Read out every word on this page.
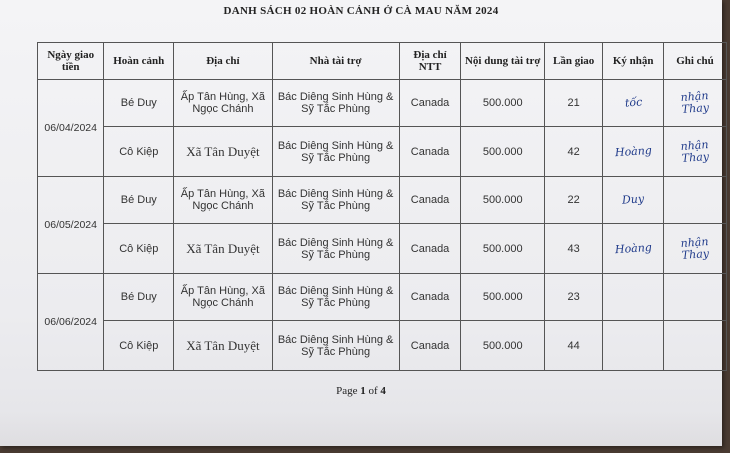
DANH SÁCH 02 HOÀN CẢNH Ở CÀ MAU NĂM 2024
Ngày giao tiền	Hoàn cảnh	Địa chỉ	Nhà tài trợ	Địa chỉ NTT	Nội dung tài trợ	Lần giao	Ký nhận	Ghi chú
06/04/2024	Bé Duy	Ấp Tân Hùng, Xã Ngọc Chánh	Bác Diêng Sinh Hùng & Sỹ Tắc Phùng	Canada	500.000	21	tốc	nhận Thay
	Cô Kiệp	Xã Tân Duyệt	Bác Diêng Sinh Hùng & Sỹ Tắc Phùng	Canada	500.000	42	Hoàng	nhận Thay
06/05/2024	Bé Duy	Ấp Tân Hùng, Xã Ngọc Chánh	Bác Diêng Sinh Hùng & Sỹ Tắc Phùng	Canada	500.000	22	Duy	
	Cô Kiệp	Xã Tân Duyệt	Bác Diêng Sinh Hùng & Sỹ Tắc Phùng	Canada	500.000	43	Hoàng	nhận Thay
06/06/2024	Bé Duy	Ấp Tân Hùng, Xã Ngọc Chánh	Bác Diêng Sinh Hùng & Sỹ Tắc Phùng	Canada	500.000	23		
	Cô Kiệp	Xã Tân Duyệt	Bác Diêng Sinh Hùng & Sỹ Tắc Phùng	Canada	500.000	44		
Page 1 of 4
